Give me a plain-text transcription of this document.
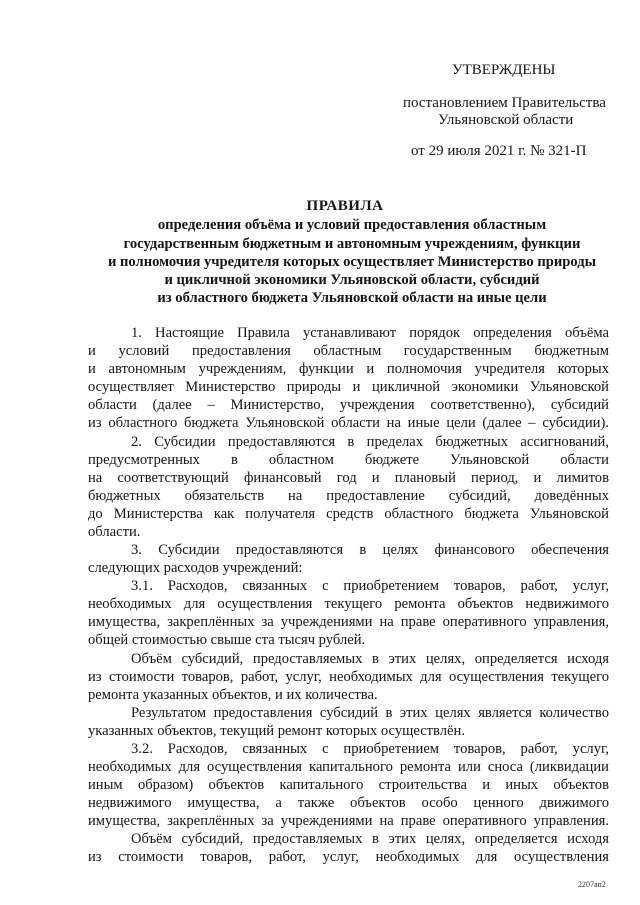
УТВЕРЖДЕНЫ
постановлением Правительства
Ульяновской области
от 29 июля 2021 г. № 321-П
ПРАВИЛА
определения объёма и условий предоставления областным
государственным бюджетным и автономным учреждениям, функции
и полномочия учредителя которых осуществляет Министерство природы
и цикличной экономики Ульяновской области, субсидий
из областного бюджета Ульяновской области на иные цели
1. Настоящие Правила устанавливают порядок определения объёма
и условий предоставления областным государственным бюджетным
и автономным учреждениям, функции и полномочия учредителя которых
осуществляет Министерство природы и цикличной экономики Ульяновской
области (далее – Министерство, учреждения соответственно), субсидий
из областного бюджета Ульяновской области на иные цели (далее – субсидии).
2. Субсидии предоставляются в пределах бюджетных ассигнований,
предусмотренных в областном бюджете Ульяновской области
на соответствующий финансовый год и плановый период, и лимитов
бюджетных обязательств на предоставление субсидий, доведённых
до Министерства как получателя средств областного бюджета Ульяновской
области.
3. Субсидии предоставляются в целях финансового обеспечения
следующих расходов учреждений:
3.1. Расходов, связанных с приобретением товаров, работ, услуг,
необходимых для осуществления текущего ремонта объектов недвижимого
имущества, закреплённых за учреждениями на праве оперативного управления,
общей стоимостью свыше ста тысяч рублей.
Объём субсидий, предоставляемых в этих целях, определяется исходя
из стоимости товаров, работ, услуг, необходимых для осуществления текущего
ремонта указанных объектов, и их количества.
Результатом предоставления субсидий в этих целях является количество
указанных объектов, текущий ремонт которых осуществлён.
3.2. Расходов, связанных с приобретением товаров, работ, услуг,
необходимых для осуществления капитального ремонта или сноса (ликвидации
иным образом) объектов капитального строительства и иных объектов
недвижимого имущества, а также объектов особо ценного движимого
имущества, закреплённых за учреждениями на праве оперативного управления.
Объём субсидий, предоставляемых в этих целях, определяется исходя
из стоимости товаров, работ, услуг, необходимых для осуществления
2207ап2
